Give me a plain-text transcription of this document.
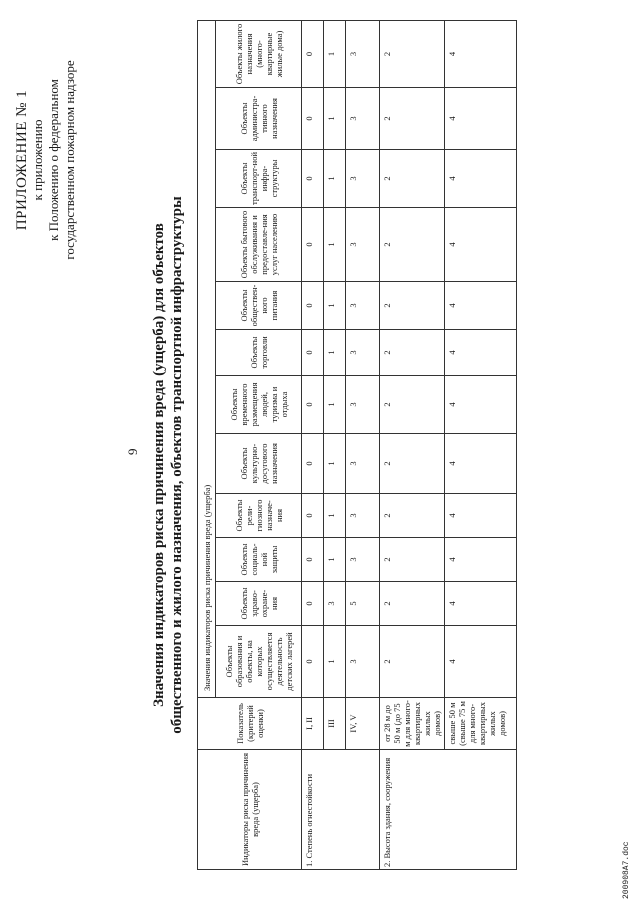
9
ПРИЛОЖЕНИЕ № 1 к приложению к Положению о федеральном государственном пожарном надзоре
Значения индикаторов риска причинения вреда (ущерба) для объектов общественного и жилого назначения, объектов транспортной инфраструктуры
Индикаторы риска причинения вреда (ущерба)	Показатель (критерий оценки)	Значения индикаторов риска причинения вреда (ущерба)											
		Объекты образования и объекты, на которых осуществляется деятельность детских лагерей	Объекты здраво-охране-ния	Объекты социаль-ной защиты	Объекты рели-гиозного назначе-ния	Объекты культурно-досугового назначения	Объекты временного размещения людей, туризма и отдыха	Объекты торговли	Объекты обществен-ного питания	Объекты бытового обслуживания и предоставле-ния услуг населению	Объекты транспорт-ной инфра-структуры	Объекты администра-тивного назначения	Объекты жилого назначения (много-квартирные жилые дома)
1. Степень огнестойкости	I, II	0	0	0	0	0	0	0	0	0	0	0	0
	III	1	3	1	1	1	1	1	1	1	1	1	1
	IV, V	3	5	3	3	3	3	3	3	3	3	3	3
2. Высота здания, сооружения	от 28 м до 50 м (до 75 м для много-квартирных жилых домов)	2	2	2	2	2	2	2	2	2	2	2	2
	свыше 50 м (свыше 75 м для много-квартирных жилых домов)	4	4	4	4	4	4	4	4	4	4	4	4
200908А7.doc
